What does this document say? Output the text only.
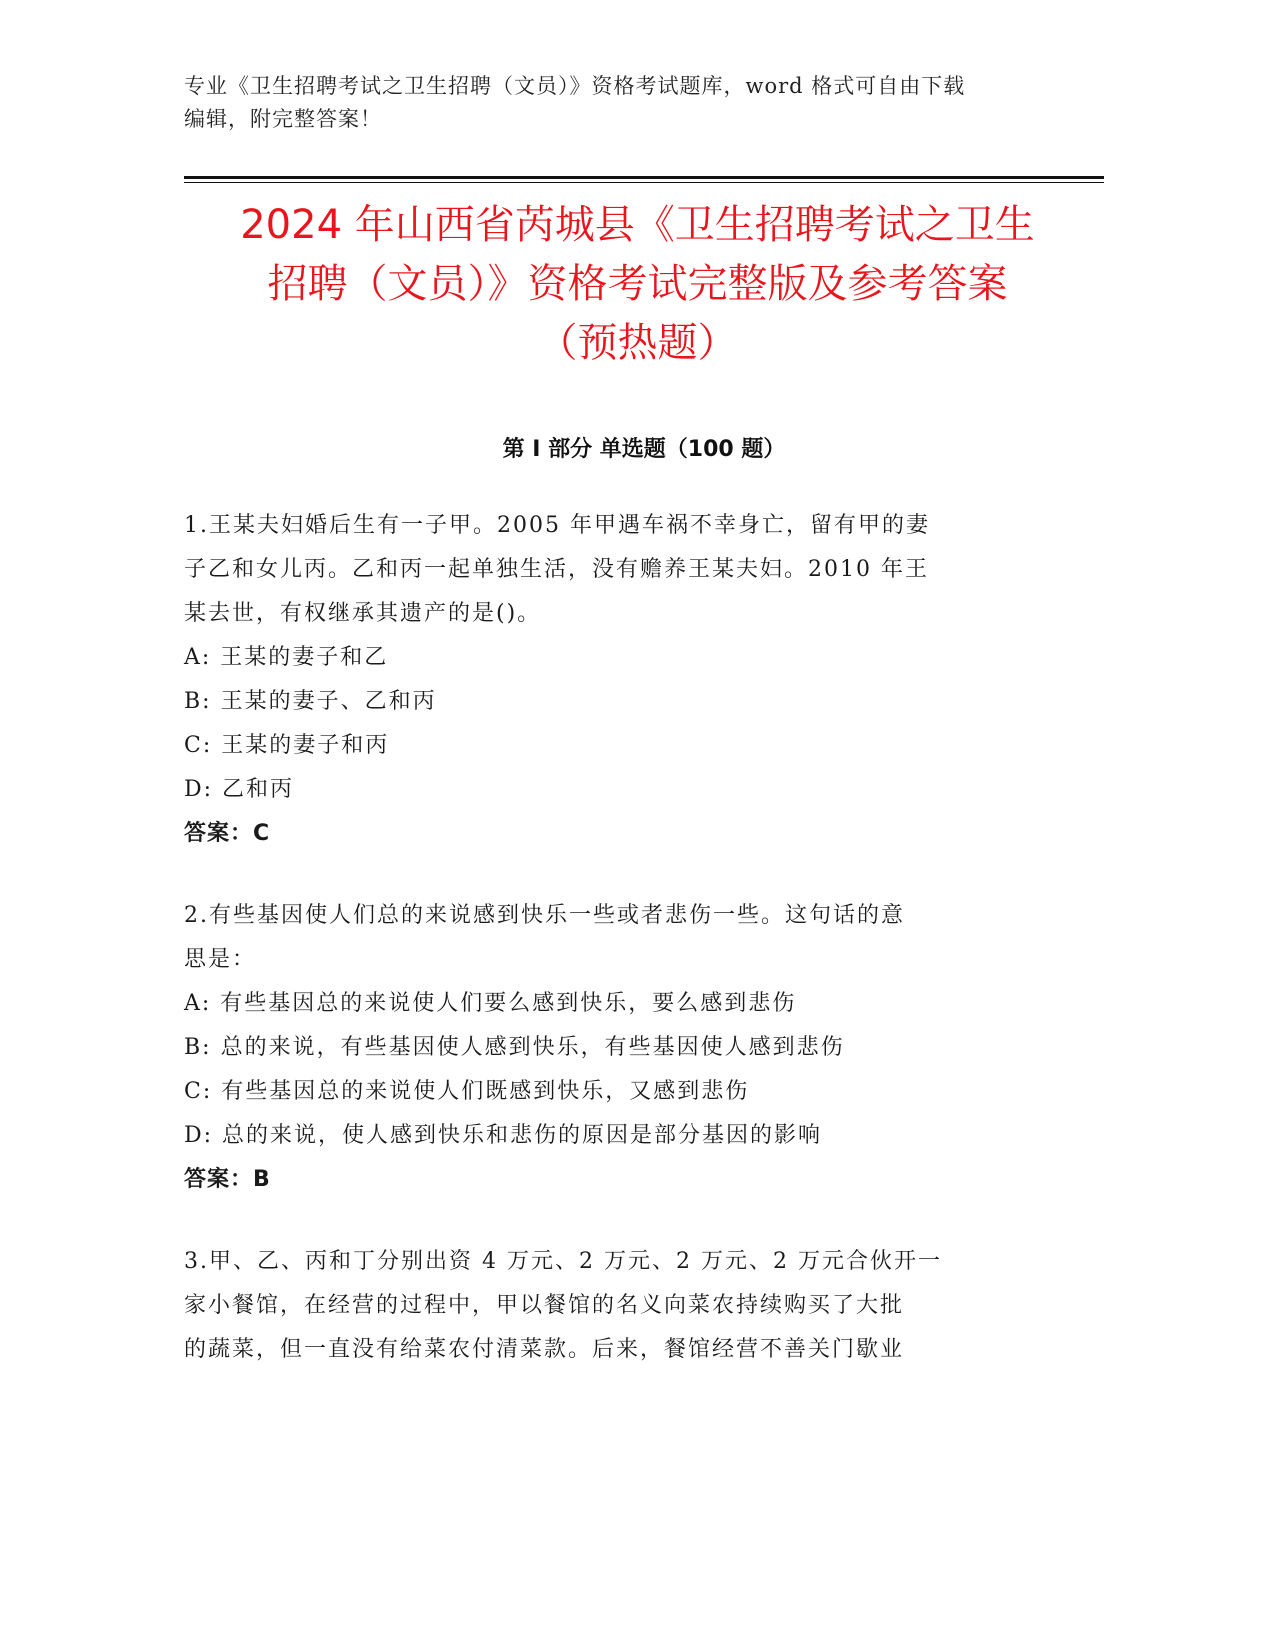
专业《卫生招聘考试之卫生招聘（文员）》资格考试题库，word 格式可自由下载

编辑，附完整答案！

2024 年山西省芮城县《卫生招聘考试之卫生

招聘（文员）》资格考试完整版及参考答案

（预热题）

第 I 部分 单选题（100 题）

1.王某夫妇婚后生有一子甲。2005 年甲遇车祸不幸身亡，留有甲的妻
子乙和女儿丙。乙和丙一起单独生活，没有赡养王某夫妇。2010 年王
某去世，有权继承其遗产的是()。

A: 王某的妻子和乙

B: 王某的妻子、乙和丙

C: 王某的妻子和丙

D: 乙和丙

答案：C

2.有些基因使人们总的来说感到快乐一些或者悲伤一些。这句话的意
思是：

A: 有些基因总的来说使人们要么感到快乐，要么感到悲伤

B: 总的来说，有些基因使人感到快乐，有些基因使人感到悲伤

C: 有些基因总的来说使人们既感到快乐，又感到悲伤

D: 总的来说，使人感到快乐和悲伤的原因是部分基因的影响

答案：B

3.甲、乙、丙和丁分别出资 4 万元、2 万元、2 万元、2 万元合伙开一
家小餐馆，在经营的过程中，甲以餐馆的名义向菜农持续购买了大批
的蔬菜，但一直没有给菜农付清菜款。后来，餐馆经营不善关门歇业
